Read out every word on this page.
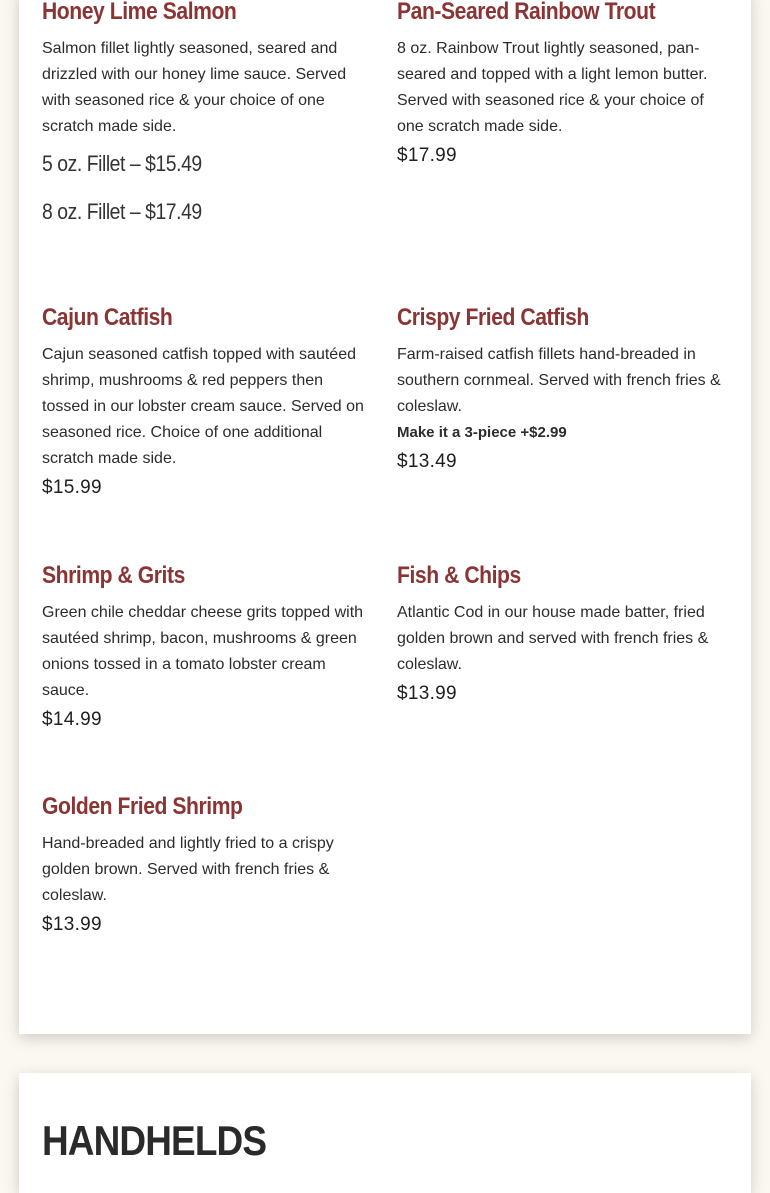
Honey Lime Salmon
Salmon fillet lightly seasoned, seared and drizzled with our honey lime sauce. Served with seasoned rice & your choice of one scratch made side.
5 oz. Fillet – $15.49
8 oz. Fillet – $17.49
Pan-Seared Rainbow Trout
8 oz. Rainbow Trout lightly seasoned, pan-seared and topped with a light lemon butter. Served with seasoned rice & your choice of one scratch made side.
$17.99
Cajun Catfish
Cajun seasoned catfish topped with sautéed shrimp, mushrooms & red peppers then tossed in our lobster cream sauce. Served on seasoned rice. Choice of one additional scratch made side.
$15.99
Crispy Fried Catfish
Farm-raised catfish fillets hand-breaded in southern cornmeal. Served with french fries & coleslaw.
Make it a 3-piece +$2.99
$13.49
Shrimp & Grits
Green chile cheddar cheese grits topped with sautéed shrimp, bacon, mushrooms & green onions tossed in a tomato lobster cream sauce.
$14.99
Fish & Chips
Atlantic Cod in our house made batter, fried golden brown and served with french fries & coleslaw.
$13.99
Golden Fried Shrimp
Hand-breaded and lightly fried to a crispy golden brown. Served with french fries & coleslaw.
$13.99
HANDHELDS
